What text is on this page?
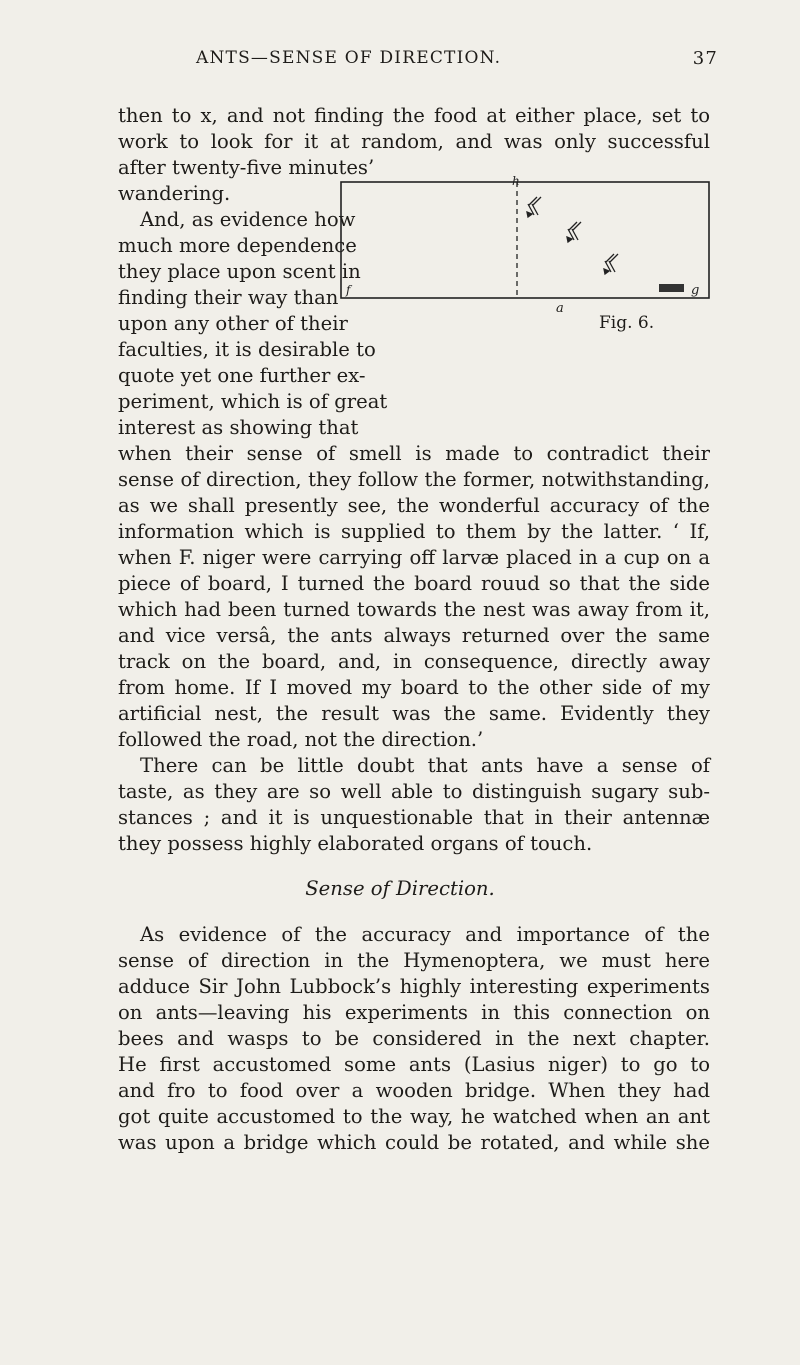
ANTS—SENSE OF DIRECTION.	37
then to x, and not finding the food at either place, set to
work to look for it at random, and was only successful
after twenty-five minutes’
wandering.
And, as evidence how
much more dependence
they place upon scent in
finding their way than
upon any other of their
faculties, it is desirable to
quote yet one further ex-
periment, which is of great
interest as showing that
when their sense of smell is made to contradict their
sense of direction, they follow the former, notwithstanding,
as we shall presently see, the wonderful accuracy of the
information which is supplied to them by the latter. ‘ If,
when F. niger were carrying off larvæ placed in a cup on a
piece of board, I turned the board rouud so that the side
which had been turned towards the nest was away from it,
and vice versâ, the ants always returned over the same
track on the board, and, in consequence, directly away
from home. If I moved my board to the other side of my
artificial nest, the result was the same. Evidently they
followed the road, not the direction.’
There can be little doubt that ants have a sense of
taste, as they are so well able to distinguish sugary sub-
stances ; and it is unquestionable that in their antennæ
they possess highly elaborated organs of touch.
Sense of Direction.
As evidence of the accuracy and importance of the
sense of direction in the Hymenoptera, we must here
adduce Sir John Lubbock’s highly interesting experiments
on ants—leaving his experiments in this connection on
bees and wasps to be considered in the next chapter.
He first accustomed some ants (Lasius niger) to go to
and fro to food over a wooden bridge. When they had
got quite accustomed to the way, he watched when an ant
was upon a bridge which could be rotated, and while she
h
f	g
a
Fig. 6.
